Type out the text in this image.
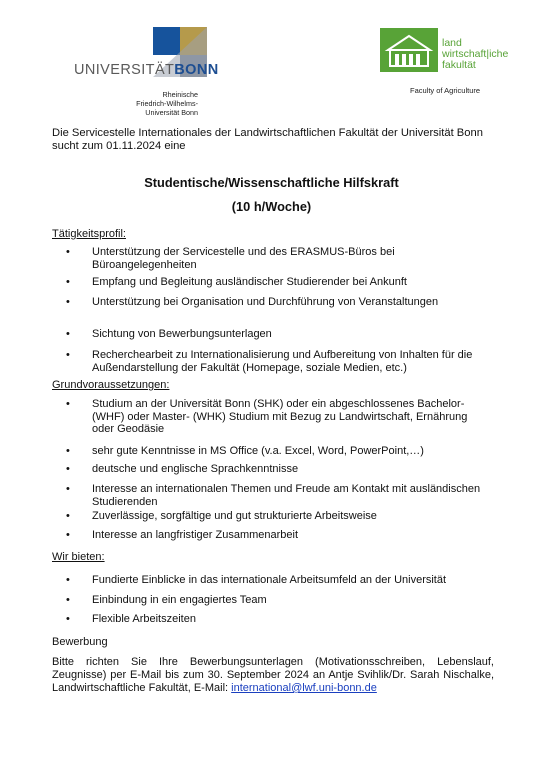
UNIVERSITÄTBONN
Rheinische
Friedrich-Wilhelms-
Universität Bonn
land
wirtschaft|iche
fakultät
Faculty of Agriculture
Die Servicestelle Internationales der Landwirtschaftlichen Fakultät der Universität Bonn sucht zum 01.11.2024 eine
Studentische/Wissenschaftliche Hilfskraft
(10 h/Woche)
Tätigkeitsprofil:
• Unterstützung der Servicestelle und des ERASMUS-Büros bei Büroangelegenheiten
• Empfang und Begleitung ausländischer Studierender bei Ankunft
• Unterstützung bei Organisation und Durchführung von Veranstaltungen
• Sichtung von Bewerbungsunterlagen
• Recherchearbeit zu Internationalisierung und Aufbereitung von Inhalten für die Außendarstellung der Fakultät (Homepage, soziale Medien, etc.)
Grundvoraussetzungen:
• Studium an der Universität Bonn (SHK) oder ein abgeschlossenes Bachelor- (WHF) oder Master- (WHK) Studium mit Bezug zu Landwirtschaft, Ernährung oder Geodäsie
• sehr gute Kenntnisse in MS Office (v.a. Excel, Word, PowerPoint,…)
• deutsche und englische Sprachkenntnisse
• Interesse an internationalen Themen und Freude am Kontakt mit ausländischen Studierenden
• Zuverlässige, sorgfältige und gut strukturierte Arbeitsweise
• Interesse an langfristiger Zusammenarbeit
Wir bieten:
• Fundierte Einblicke in das internationale Arbeitsumfeld an der Universität
• Einbindung in ein engagiertes Team
• Flexible Arbeitszeiten
Bewerbung
Bitte richten Sie Ihre Bewerbungsunterlagen (Motivationsschreiben, Lebenslauf, Zeugnisse) per E-Mail bis zum 30. September 2024 an Antje Svihlik/Dr. Sarah Nischalke, Landwirtschaftliche Fakultät, E-Mail: international@lwf.uni-bonn.de
